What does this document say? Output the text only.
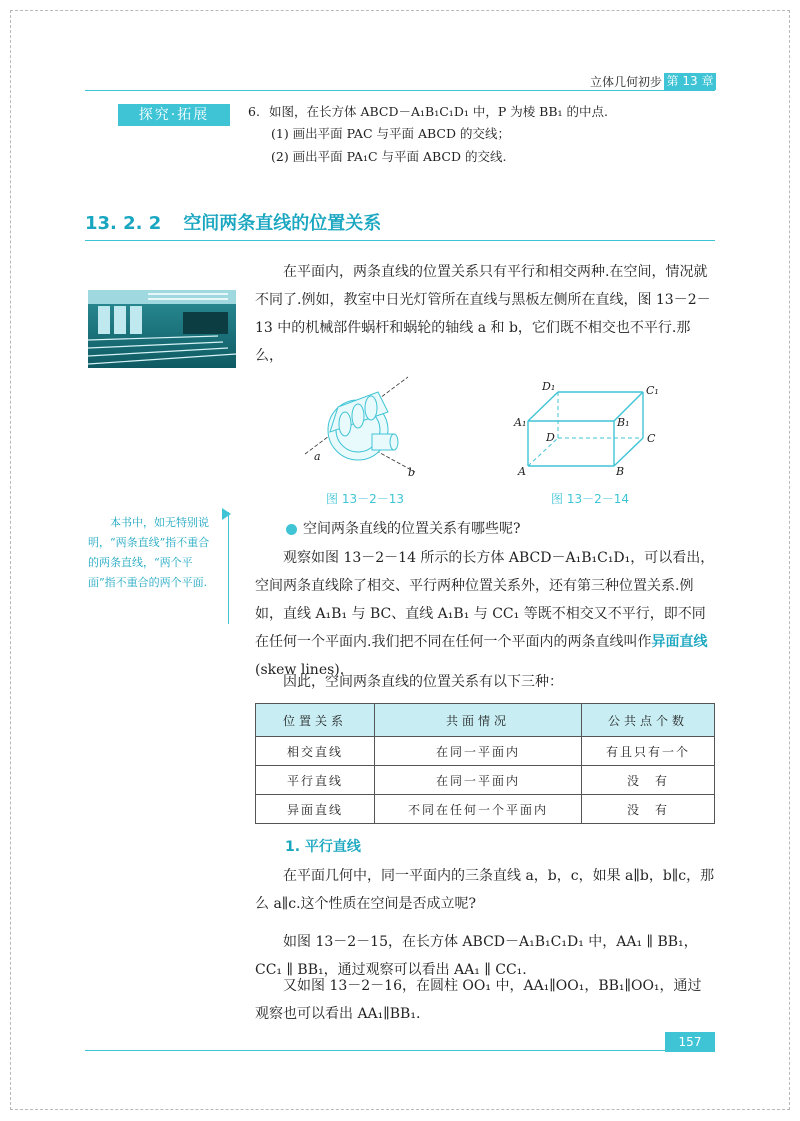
立体几何初步 第 13 章
探究·拓展	6. 如图，在长方体 ABCD－A₁B₁C₁D₁ 中，P 为棱 BB₁ 的中点.
(1) 画出平面 PAC 与平面 ABCD 的交线；
(2) 画出平面 PA₁C 与平面 ABCD 的交线.
13. 2. 2 空间两条直线的位置关系
在平面内，两条直线的位置关系只有平行和相交两种.在空间，情况就不同了.例如，教室中日光灯管所在直线与黑板左侧所在直线，图 13－2－13 中的机械部件蜗杆和蜗轮的轴线 a 和 b，它们既不相交也不平行.那么，
a
b
图 13－2－13
D₁	C₁
A₁	B₁
D	C
A	B
图 13－2－14
本书中，如无特别说明，“两条直线”指不重合的两条直线，“两个平面”指不重合的两个平面.
空间两条直线的位置关系有哪些呢?
观察如图 13－2－14 所示的长方体 ABCD－A₁B₁C₁D₁，可以看出，空间两条直线除了相交、平行两种位置关系外，还有第三种位置关系.例如，直线 A₁B₁ 与 BC、直线 A₁B₁ 与 CC₁ 等既不相交又不平行，即不同在任何一个平面内.我们把不同在任何一个平面内的两条直线叫作异面直线(skew lines).
因此，空间两条直线的位置关系有以下三种：
位置关系	共面情况	公共点个数
相交直线	在同一平面内	有且只有一个
平行直线	在同一平面内	没　有
异面直线	不同在任何一个平面内	没　有
1. 平行直线
在平面几何中，同一平面内的三条直线 a，b，c，如果 a∥b，b∥c，那么 a∥c.这个性质在空间是否成立呢?
如图 13－2－15，在长方体 ABCD－A₁B₁C₁D₁ 中，AA₁ ∥ BB₁，CC₁ ∥ BB₁，通过观察可以看出 AA₁ ∥ CC₁.
又如图 13－2－16，在圆柱 OO₁ 中，AA₁∥OO₁，BB₁∥OO₁，通过观察也可以看出 AA₁∥BB₁.
157
